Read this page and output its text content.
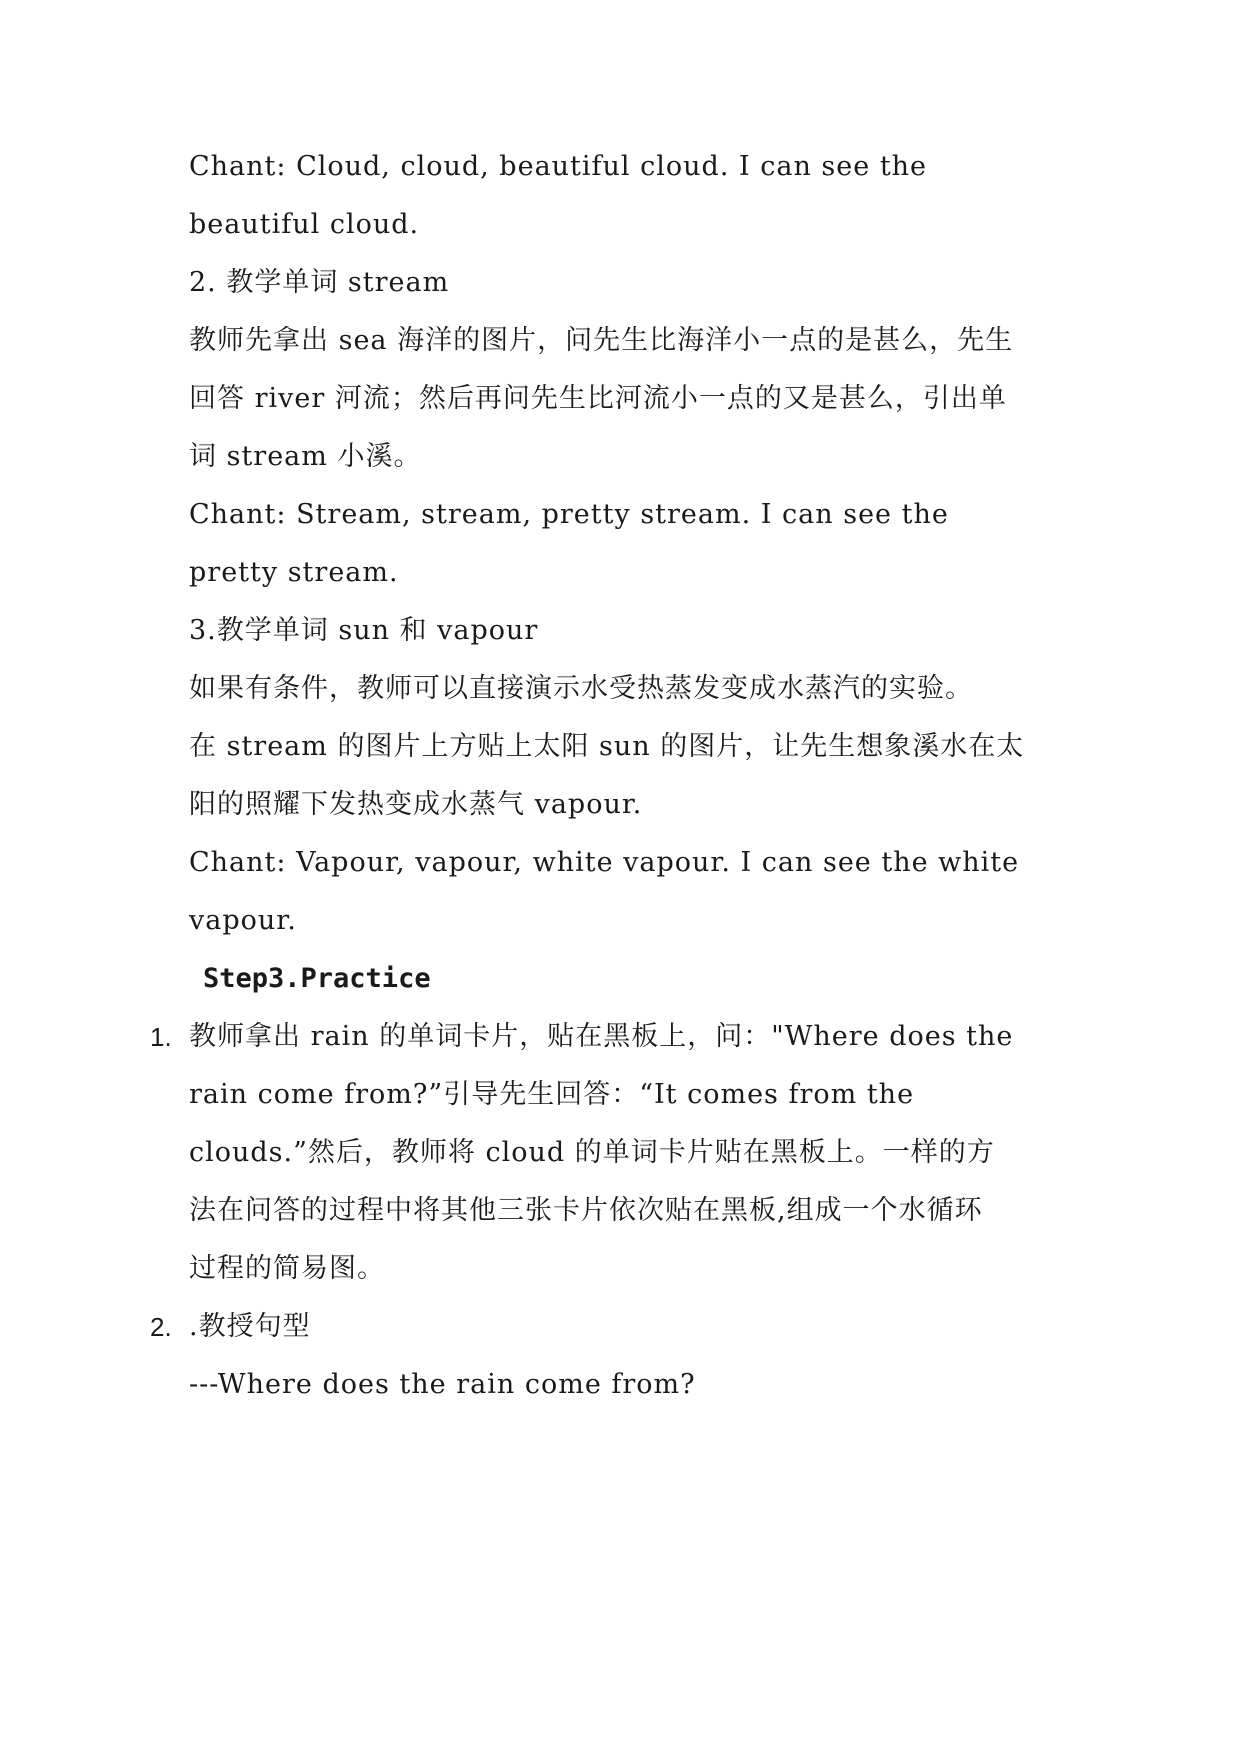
Chant: Cloud, cloud, beautiful cloud. I can see the
beautiful cloud.
2. 教学单词 stream
教师先拿出 sea 海洋的图片，问先生比海洋小一点的是甚么，先生
回答 river 河流；然后再问先生比河流小一点的又是甚么，引出单
词 stream 小溪。
Chant: Stream, stream, pretty stream. I can see the
pretty stream.
3.教学单词 sun 和 vapour
如果有条件，教师可以直接演示水受热蒸发变成水蒸汽的实验。
在 stream 的图片上方贴上太阳 sun 的图片，让先生想象溪水在太
阳的照耀下发热变成水蒸气 vapour.
Chant: Vapour, vapour, white vapour. I can see the white
vapour.
Step3.Practice
1. 教师拿出 rain 的单词卡片，贴在黑板上，问："Where does the
rain come from?”引导先生回答：“It comes from the
clouds.”然后，教师将 cloud 的单词卡片贴在黑板上。一样的方
法在问答的过程中将其他三张卡片依次贴在黑板,组成一个水循环
过程的简易图。
2. .教授句型
---Where does the rain come from?
